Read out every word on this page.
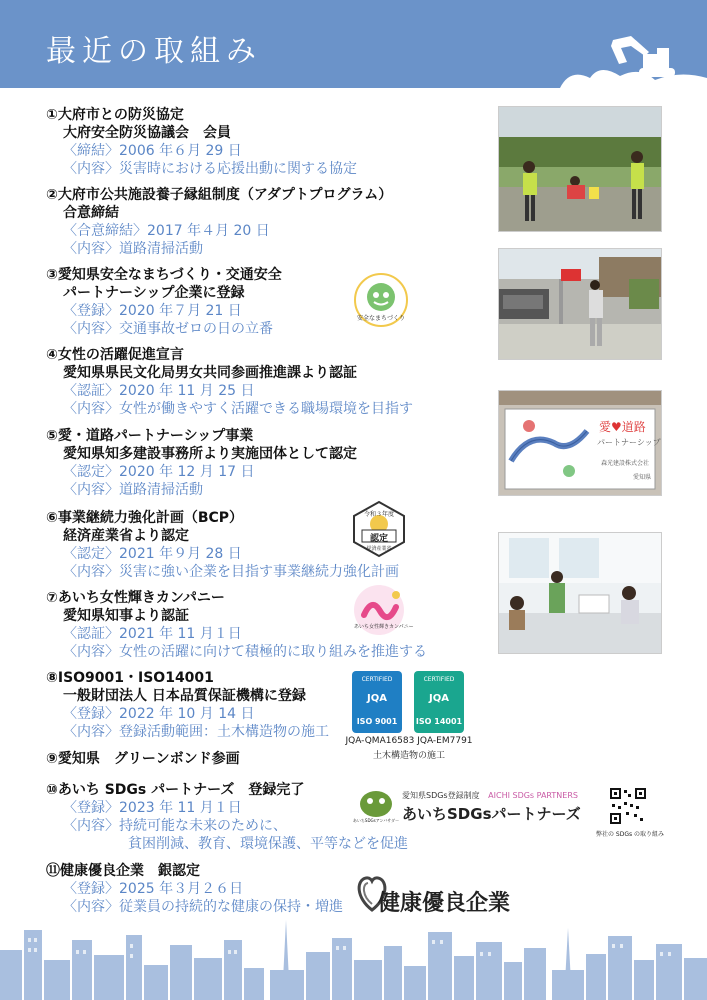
最近の取組み
①大府市との防災協定
大府安全防災協議会　会員
〈締結〉2006 年６月 29 日
〈内容〉災害時における応援出動に関する協定
②大府市公共施設養子縁組制度（アダプトプログラム）
合意締結
〈合意締結〉2017 年４月 20 日
〈内容〉道路清掃活動
③愛知県安全なまちづくり・交通安全
パートナーシップ企業に登録
〈登録〉2020 年７月 21 日
〈内容〉交通事故ゼロの日の立番
④女性の活躍促進宣言
愛知県県民文化局男女共同参画推進課より認証
〈認証〉2020 年 11 月 25 日
〈内容〉女性が働きやすく活躍できる職場環境を目指す
⑤愛・道路パートナーシップ事業
愛知県知多建設事務所より実施団体として認定
〈認定〉2020 年 12 月 17 日
〈内容〉道路清掃活動
⑥事業継続力強化計画（BCP）
経済産業省より認定
〈認定〉2021 年９月 28 日
〈内容〉災害に強い企業を目指す事業継続力強化計画
⑦あいち女性輝きカンパニー
愛知県知事より認証
〈認証〉2021 年 11 月１日
〈内容〉女性の活躍に向けて積極的に取り組みを推進する
⑧ISO9001・ISO14001
一般財団法人 日本品質保証機構に登録
〈登録〉2022 年 10 月 14 日
〈内容〉登録活動範囲：土木構造物の施工
⑨愛知県　グリーンボンド参画
⑩あいち SDGs パートナーズ　登録完了
〈登録〉2023 年 11 月１日
〈内容〉持続可能な未来のために、
貧困削減、教育、環境保護、平等などを促進
⑪健康優良企業　銀認定
〈登録〉2025 年３月２６日
〈内容〉従業員の持続的な健康の保持・増進
愛♥道路
パートナーシップ
森光建設株式会社
愛知県
安全なまちづくり
令和３年度
認定
経済産業省
あいち女性輝きカンパニー
CERTIFIED
JQA
ISO 9001
CERTIFIED
JQA
ISO 14001
JQA-QMA16583 JQA-EM7791
土木構造物の施工
あいちSDGsアンバサダー
愛知県SDGs登録制度 AICHI SDGs PARTNERS
あいちSDGsパートナーズ
弊社の SDGs の取り組み
健康優良企業
